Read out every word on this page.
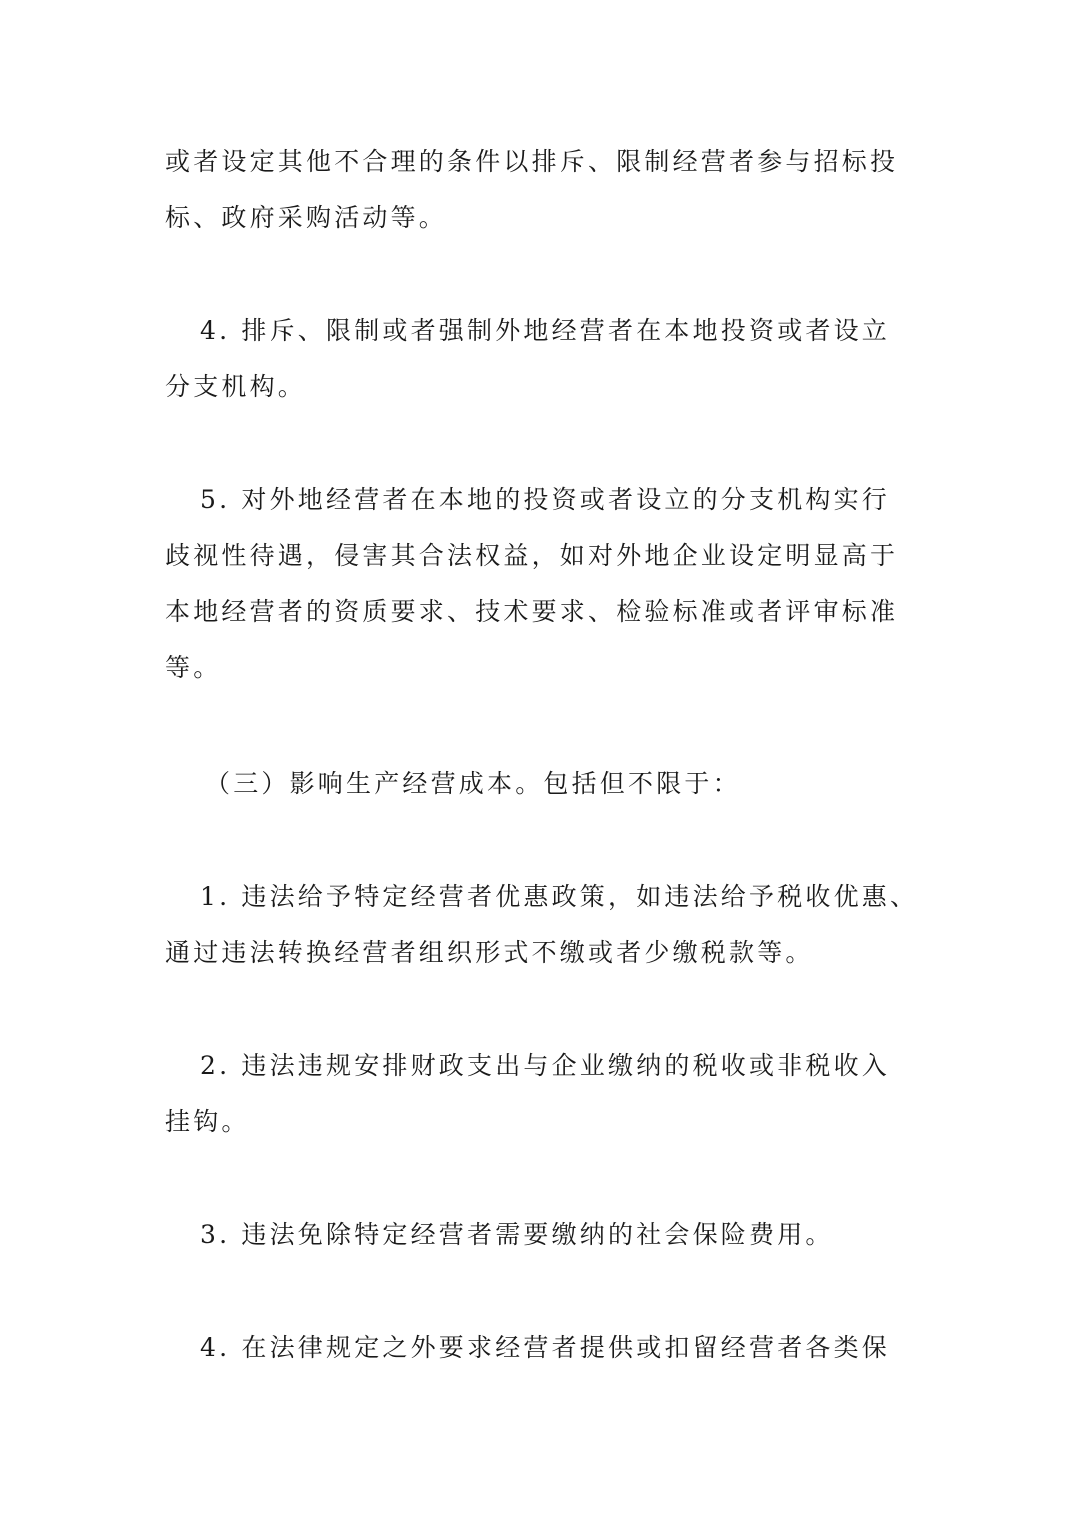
或者设定其他不合理的条件以排斥、限制经营者参与招标投
标、政府采购活动等。
4. 排斥、限制或者强制外地经营者在本地投资或者设立
分支机构。
5. 对外地经营者在本地的投资或者设立的分支机构实行
歧视性待遇，侵害其合法权益，如对外地企业设定明显高于
本地经营者的资质要求、技术要求、检验标准或者评审标准
等。
（三）影响生产经营成本。包括但不限于：
1. 违法给予特定经营者优惠政策，如违法给予税收优惠、
通过违法转换经营者组织形式不缴或者少缴税款等。
2. 违法违规安排财政支出与企业缴纳的税收或非税收入
挂钩。
3. 违法免除特定经营者需要缴纳的社会保险费用。
4. 在法律规定之外要求经营者提供或扣留经营者各类保
